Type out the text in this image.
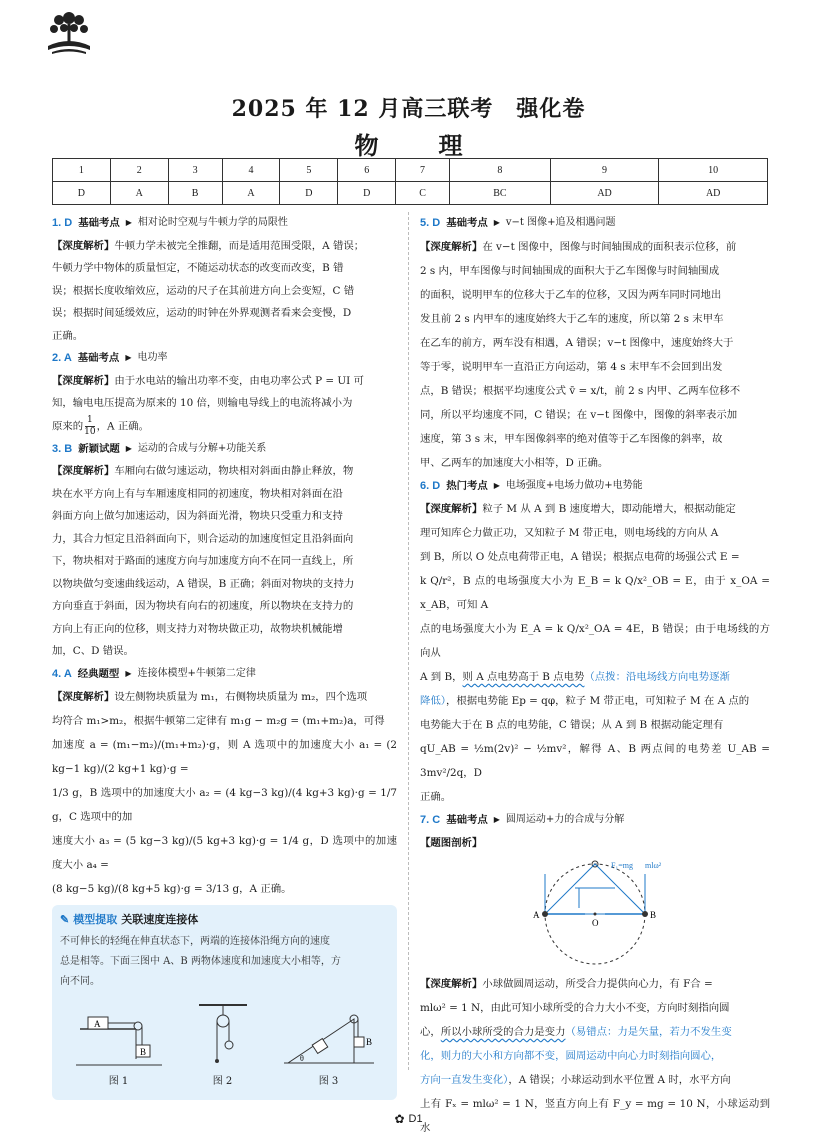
2025 年 12 月高三联考　强化卷
物　理
1	2	3	4	5	6	7	8	9	10
D	A	B	A	D	D	C	BC	AD	AD
1. D 基础考点 ▶ 相对论时空观与牛顿力学的局限性

【深度解析】牛顿力学未被完全推翻，而是适用范围受限，A 错误；
牛顿力学中物体的质量恒定，不随运动状态的改变而改变，B 错
误；根据长度收缩效应，运动的尺子在其前进方向上会变短，C 错
误；根据时间延缓效应，运动的时钟在外界观测者看来会变慢，D
正确。

2. A 基础考点 ▶ 电功率

【深度解析】由于水电站的输出功率不变，由电功率公式 P = UI 可
知，输电电压提高为原来的 10 倍，则输电导线上的电流将减小为
原来的 $\frac{1}{10}$ ，A 正确。

3. B 新颖试题 ▶ 运动的合成与分解+功能关系

【深度解析】车厢向右做匀速运动，物块相对斜面由静止释放，物
块在水平方向上有与车厢速度相同的初速度，物块相对斜面在沿
斜面方向上做匀加速运动，因为斜面光滑，物块只受重力和支持
力，其合力恒定且沿斜面向下，则合运动的加速度恒定且沿斜面向
下，物块相对于路面的速度方向与加速度方向不在同一直线上，所
以物块做匀变速曲线运动，A 错误，B 正确；斜面对物块的支持力
方向垂直于斜面，因为物块有向右的初速度，所以物块在支持力的
方向上有正向的位移，则支持力对物块做正功，故物块机械能增
加，C、D 错误。

4. A 经典题型 ▶ 连接体模型+牛顿第二定律

【深度解析】设左侧物块质量为 m₁，右侧物块质量为 m₂，四个选项
均符合 m₁>m₂，根据牛顿第二定律有 m₁g − m₂g = (m₁+m₂)a，可得
加速度 a = (m₁−m₂)/(m₁+m₂)·g，则 A 选项中的加速度大小 a₁ = (2 kg−1 kg)/(2 kg+1 kg)·g =
1/3 g，B 选项中的加速度大小 a₂ = (4 kg−3 kg)/(4 kg+3 kg)·g = 1/7 g，C 选项中的加
速度大小 a₃ = (5 kg−3 kg)/(5 kg+3 kg)·g = 1/4 g，D 选项中的加速度大小 a₄ =
(8 kg−5 kg)/(8 kg+5 kg)·g = 3/13 g，A 正确。

✎ 模型提取 关联速度连接体
不可伸长的轻绳在伸直状态下，两端的连接体沿绳方向的速度
总是相等。下面三图中 A、B 两物体速度和加速度大小相等，方
向不同。
A
B
图 1	图 2
B
θ
图 3
5. D 基础考点 ▶ v−t 图像+追及相遇问题

【深度解析】在 v−t 图像中，图像与时间轴围成的面积表示位移，前
2 s 内，甲车图像与时间轴围成的面积大于乙车图像与时间轴围成
的面积，说明甲车的位移大于乙车的位移，又因为两车同时同地出
发且前 2 s 内甲车的速度始终大于乙车的速度，所以第 2 s 末甲车
在乙车的前方，两车没有相遇，A 错误；v−t 图像中，速度始终大于
等于零，说明甲车一直沿正方向运动，第 4 s 末甲车不会回到出发
点，B 错误；根据平均速度公式 v̄ = x/t，前 2 s 内甲、乙两车位移不
同，所以平均速度不同，C 错误；在 v−t 图像中，图像的斜率表示加
速度，第 3 s 末，甲车图像斜率的绝对值等于乙车图像的斜率，故
甲、乙两车的加速度大小相等，D 正确。

6. D 热门考点 ▶ 电场强度+电场力做功+电势能

【深度解析】粒子 M 从 A 到 B 速度增大，即动能增大，根据动能定
理可知库仑力做正功，又知粒子 M 带正电，则电场线的方向从 A
到 B，所以 O 处点电荷带正电，A 错误；根据点电荷的场强公式 E =
k Q/r²，B 点的电场强度大小为 E_B = k Q/x²_OB = E，由于 x_OA = x_AB，可知 A
点的电场强度大小为 E_A = k Q/x²_OA = 4E，B 错误；由于电场线的方向从
A 到 B，则 A 点电势高于 B 点电势（点拨：沿电场线方向电势逐渐
降低），根据电势能 Ep = qφ，粒子 M 带正电，可知粒子 M 在 A 点的
电势能大于在 B 点的电势能，C 错误；从 A 到 B 根据动能定理有
qU_AB = ½m(2v)² − ½mv²，解得 A、B 两点间的电势差 U_AB = 3mv²/2q，D
正确。

7. C 基础考点 ▶ 圆周运动+力的合成与分解
【题图剖析】
A	B
O
F₁=mg mlω²

【深度解析】小球做圆周运动，所受合力提供向心力，有 F合 =
mlω² = 1 N，由此可知小球所受的合力大小不变，方向时刻指向圆
心，所以小球所受的合力是变力（易错点：力是矢量，若力不发生变
化，则力的大小和方向都不变，圆周运动中向心力时刻指向圆心，
方向一直发生变化），A 错误；小球运动到水平位置 A 时，水平方向
上有 Fₓ = mlω² = 1 N，竖直方向上有 F_y = mg = 10 N，小球运动到水

✿ D1
